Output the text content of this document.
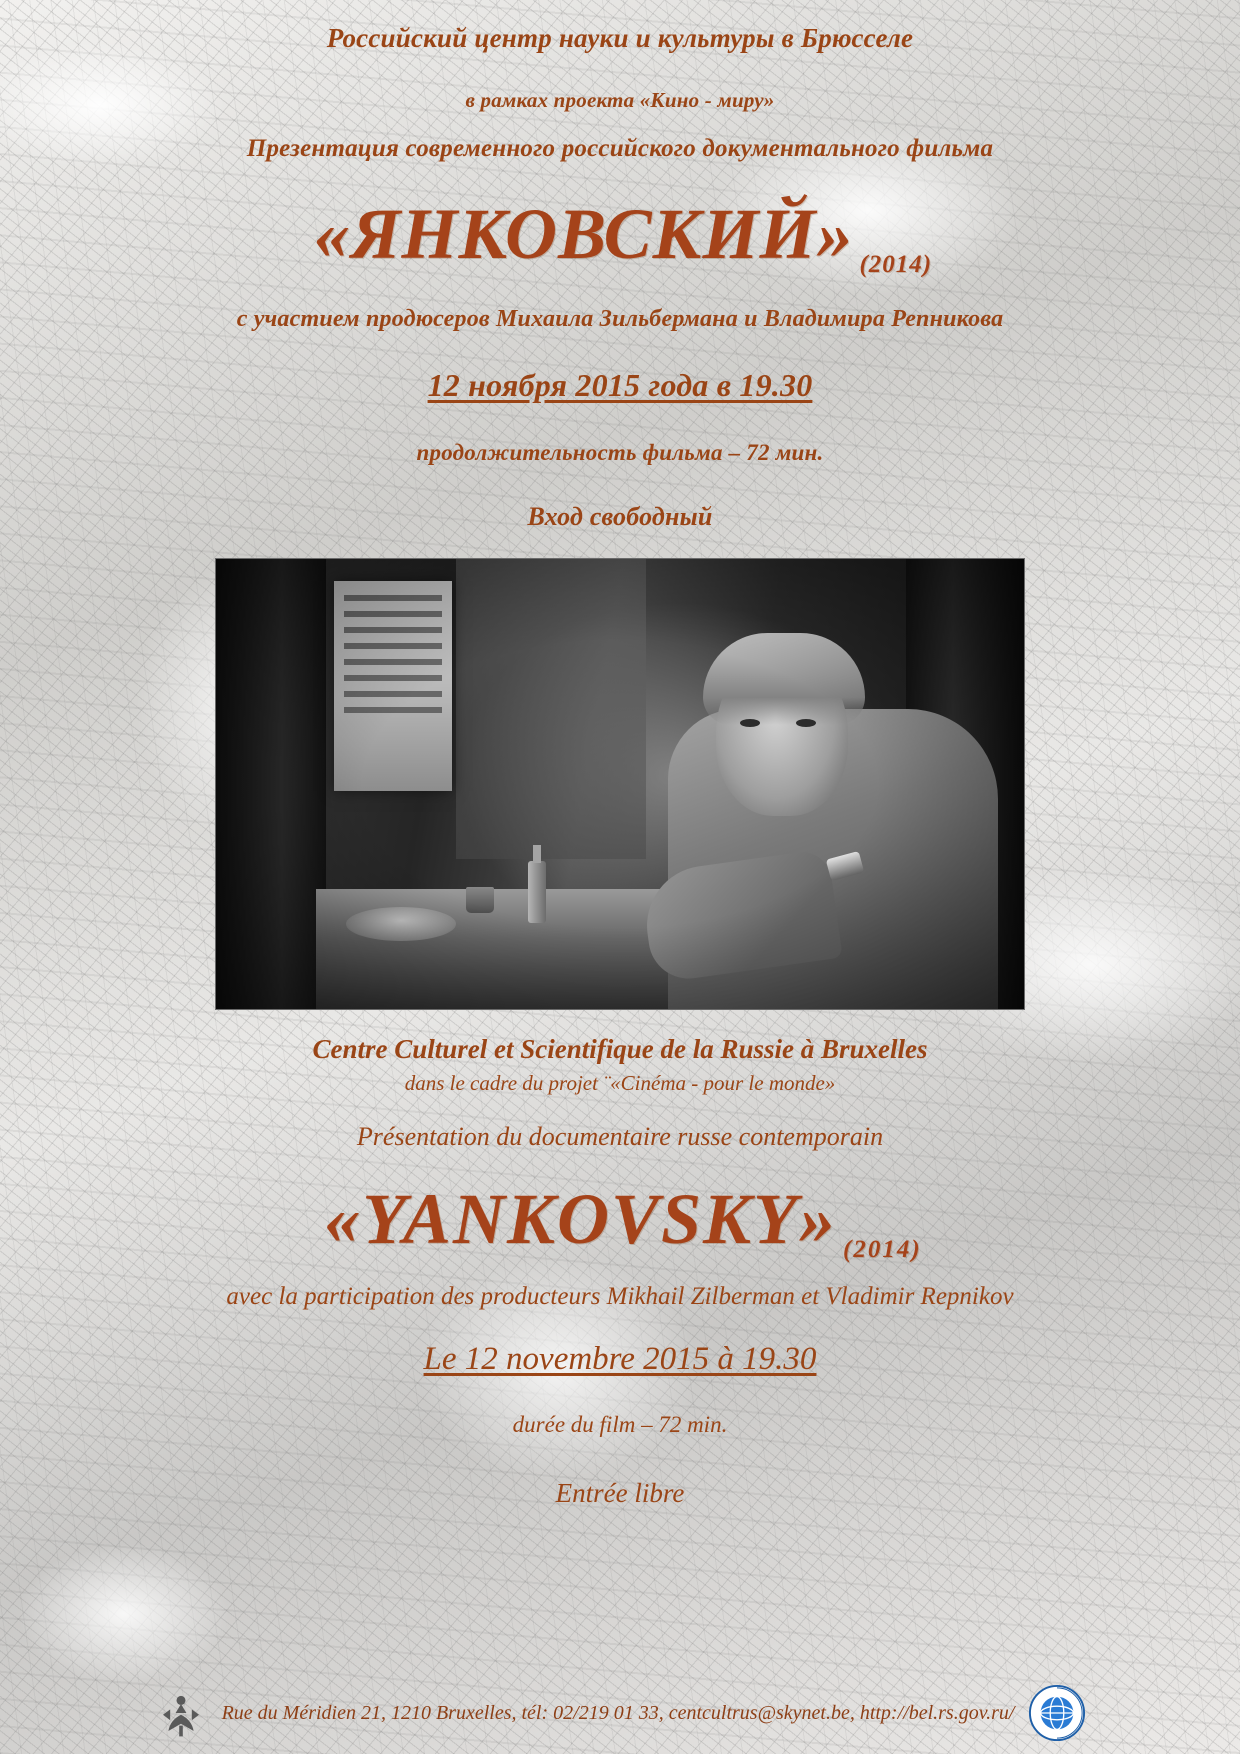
Российский центр науки и культуры в Брюсселе
в рамках проекта «Кино - миру»
Презентация современного российского документального фильма
«ЯНКОВСКИЙ» (2014)
с участием продюсеров Михаила Зильбермана и Владимира Репникова
12 ноября 2015 года в 19.30
продолжительность фильма – 72 мин.
Вход свободный
Centre Culturel et Scientifique de la Russie à Bruxelles
dans le cadre du projet ¨«Cinéma - pour le monde»
Présentation du documentaire russe contemporain
«YANKOVSKY» (2014)
avec la participation des producteurs Mikhail Zilberman et Vladimir Repnikov
Le 12 novembre 2015 à 19.30
durée du film – 72 min.
Entrée libre
Rue du Méridien 21, 1210 Bruxelles, tél: 02/219 01 33, centcultrus@skynet.be, http://bel.rs.gov.ru/
